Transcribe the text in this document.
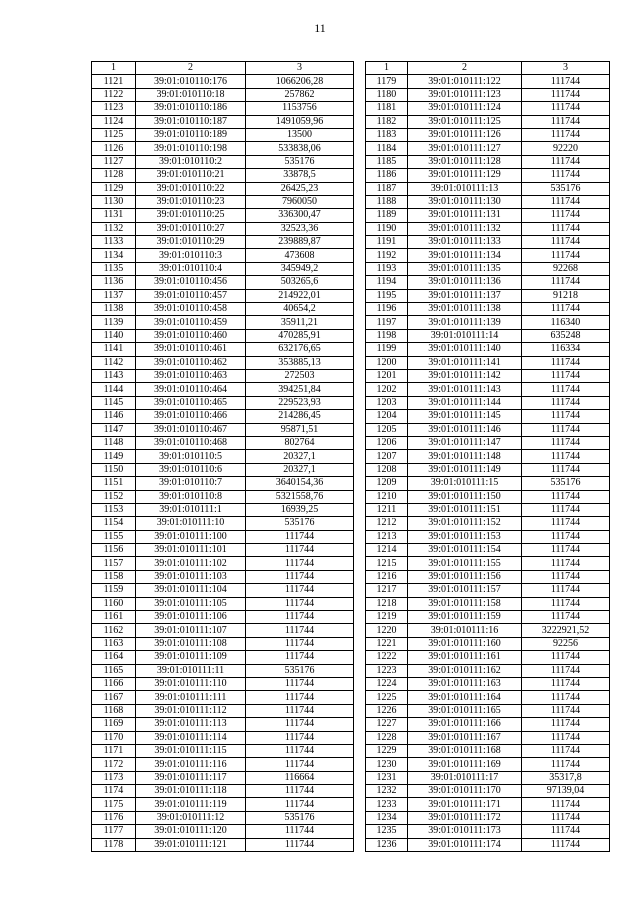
11
1	2	3
1121	39:01:010110:176	1066206,28
1122	39:01:010110:18	257862
1123	39:01:010110:186	1153756
1124	39:01:010110:187	1491059,96
1125	39:01:010110:189	13500
1126	39:01:010110:198	533838,06
1127	39:01:010110:2	535176
1128	39:01:010110:21	33878,5
1129	39:01:010110:22	26425,23
1130	39:01:010110:23	7960050
1131	39:01:010110:25	336300,47
1132	39:01:010110:27	32523,36
1133	39:01:010110:29	239889,87
1134	39:01:010110:3	473608
1135	39:01:010110:4	345949,2
1136	39:01:010110:456	503265,6
1137	39:01:010110:457	214922,01
1138	39:01:010110:458	40654,2
1139	39:01:010110:459	35911,21
1140	39:01:010110:460	470285,91
1141	39:01:010110:461	632176,65
1142	39:01:010110:462	353885,13
1143	39:01:010110:463	272503
1144	39:01:010110:464	394251,84
1145	39:01:010110:465	229523,93
1146	39:01:010110:466	214286,45
1147	39:01:010110:467	95871,51
1148	39:01:010110:468	802764
1149	39:01:010110:5	20327,1
1150	39:01:010110:6	20327,1
1151	39:01:010110:7	3640154,36
1152	39:01:010110:8	5321558,76
1153	39:01:010111:1	16939,25
1154	39:01:010111:10	535176
1155	39:01:010111:100	111744
1156	39:01:010111:101	111744
1157	39:01:010111:102	111744
1158	39:01:010111:103	111744
1159	39:01:010111:104	111744
1160	39:01:010111:105	111744
1161	39:01:010111:106	111744
1162	39:01:010111:107	111744
1163	39:01:010111:108	111744
1164	39:01:010111:109	111744
1165	39:01:010111:11	535176
1166	39:01:010111:110	111744
1167	39:01:010111:111	111744
1168	39:01:010111:112	111744
1169	39:01:010111:113	111744
1170	39:01:010111:114	111744
1171	39:01:010111:115	111744
1172	39:01:010111:116	111744
1173	39:01:010111:117	116664
1174	39:01:010111:118	111744
1175	39:01:010111:119	111744
1176	39:01:010111:12	535176
1177	39:01:010111:120	111744
1178	39:01:010111:121	111744
1	2	3
1179	39:01:010111:122	111744
1180	39:01:010111:123	111744
1181	39:01:010111:124	111744
1182	39:01:010111:125	111744
1183	39:01:010111:126	111744
1184	39:01:010111:127	92220
1185	39:01:010111:128	111744
1186	39:01:010111:129	111744
1187	39:01:010111:13	535176
1188	39:01:010111:130	111744
1189	39:01:010111:131	111744
1190	39:01:010111:132	111744
1191	39:01:010111:133	111744
1192	39:01:010111:134	111744
1193	39:01:010111:135	92268
1194	39:01:010111:136	111744
1195	39:01:010111:137	91218
1196	39:01:010111:138	111744
1197	39:01:010111:139	116340
1198	39:01:010111:14	635248
1199	39:01:010111:140	116334
1200	39:01:010111:141	111744
1201	39:01:010111:142	111744
1202	39:01:010111:143	111744
1203	39:01:010111:144	111744
1204	39:01:010111:145	111744
1205	39:01:010111:146	111744
1206	39:01:010111:147	111744
1207	39:01:010111:148	111744
1208	39:01:010111:149	111744
1209	39:01:010111:15	535176
1210	39:01:010111:150	111744
1211	39:01:010111:151	111744
1212	39:01:010111:152	111744
1213	39:01:010111:153	111744
1214	39:01:010111:154	111744
1215	39:01:010111:155	111744
1216	39:01:010111:156	111744
1217	39:01:010111:157	111744
1218	39:01:010111:158	111744
1219	39:01:010111:159	111744
1220	39:01:010111:16	3222921,52
1221	39:01:010111:160	92256
1222	39:01:010111:161	111744
1223	39:01:010111:162	111744
1224	39:01:010111:163	111744
1225	39:01:010111:164	111744
1226	39:01:010111:165	111744
1227	39:01:010111:166	111744
1228	39:01:010111:167	111744
1229	39:01:010111:168	111744
1230	39:01:010111:169	111744
1231	39:01:010111:17	35317,8
1232	39:01:010111:170	97139,04
1233	39:01:010111:171	111744
1234	39:01:010111:172	111744
1235	39:01:010111:173	111744
1236	39:01:010111:174	111744
